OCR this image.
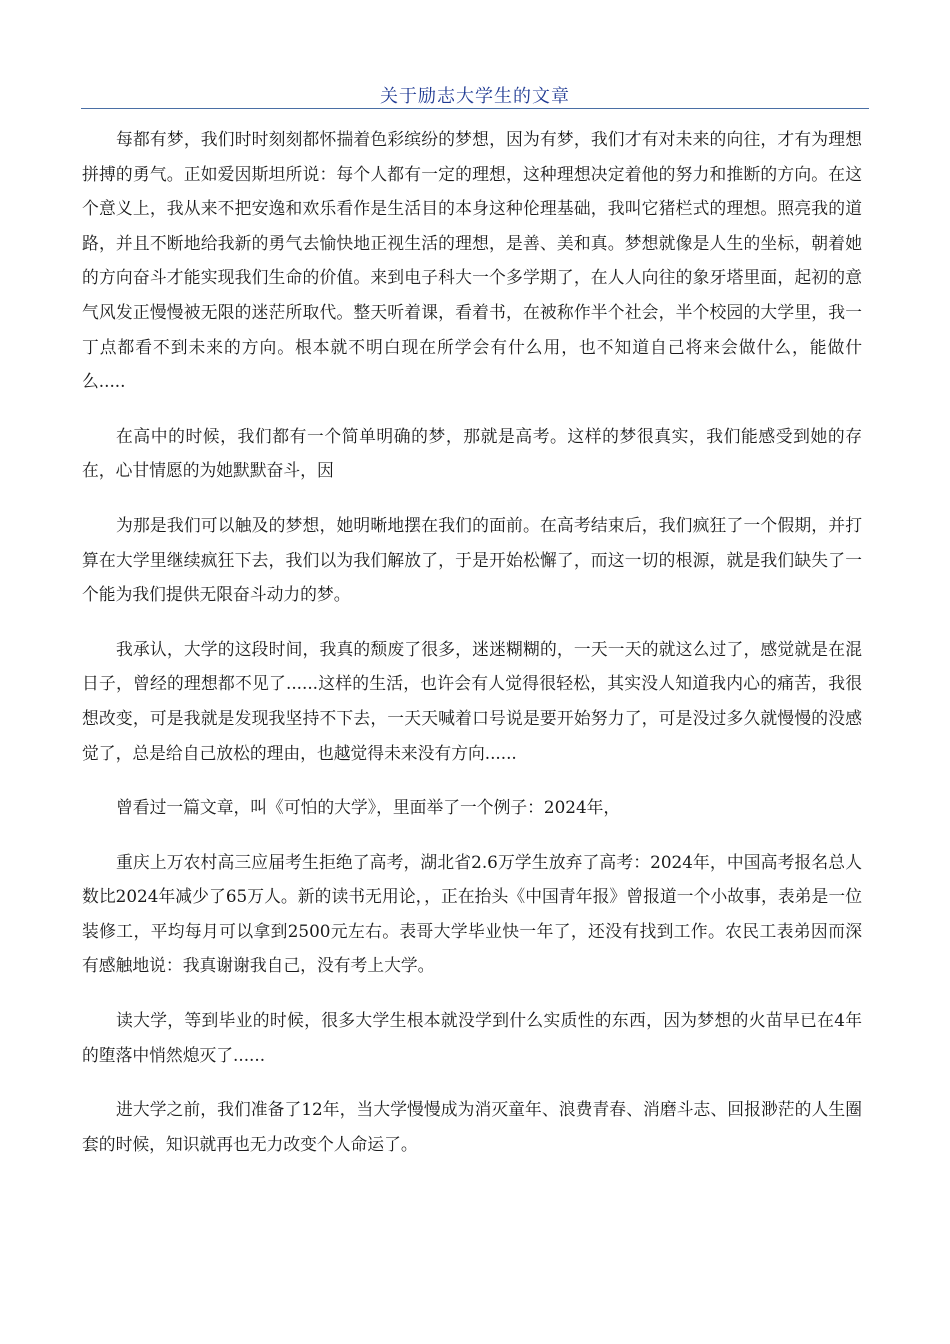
关于励志大学生的文章

每都有梦，我们时时刻刻都怀揣着色彩缤纷的梦想，因为有梦，我们才有对未来的向往，才有为理想拼搏的勇气。正如爱因斯坦所说：每个人都有一定的理想，这种理想决定着他的努力和推断的方向。在这个意义上，我从来不把安逸和欢乐看作是生活目的本身这种伦理基础，我叫它猪栏式的理想。照亮我的道路，并且不断地给我新的勇气去愉快地正视生活的理想，是善、美和真。梦想就像是人生的坐标，朝着她的方向奋斗才能实现我们生命的价值。来到电子科大一个多学期了，在人人向往的象牙塔里面，起初的意气风发正慢慢被无限的迷茫所取代。整天听着课，看着书，在被称作半个社会，半个校园的大学里，我一丁点都看不到未来的方向。根本就不明白现在所学会有什么用，也不知道自己将来会做什么，能做什么.....

在高中的时候，我们都有一个简单明确的梦，那就是高考。这样的梦很真实，我们能感受到她的存在，心甘情愿的为她默默奋斗，因

为那是我们可以触及的梦想，她明晰地摆在我们的面前。在高考结束后，我们疯狂了一个假期，并打算在大学里继续疯狂下去，我们以为我们解放了，于是开始松懈了，而这一切的根源，就是我们缺失了一个能为我们提供无限奋斗动力的梦。

我承认，大学的这段时间，我真的颓废了很多，迷迷糊糊的，一天一天的就这么过了，感觉就是在混日子，曾经的理想都不见了......这样的生活，也许会有人觉得很轻松，其实没人知道我内心的痛苦，我很想改变，可是我就是发现我坚持不下去，一天天喊着口号说是要开始努力了，可是没过多久就慢慢的没感觉了，总是给自己放松的理由，也越觉得未来没有方向......

曾看过一篇文章，叫《可怕的大学》，里面举了一个例子：2024年，

重庆上万农村高三应届考生拒绝了高考，湖北省2.6万学生放弃了高考：2024年，中国高考报名总人数比2024年减少了65万人。新的读书无用论，，正在抬头《中国青年报》曾报道一个小故事，表弟是一位装修工，平均每月可以拿到2500元左右。表哥大学毕业快一年了，还没有找到工作。农民工表弟因而深有感触地说：我真谢谢我自己，没有考上大学。

读大学，等到毕业的时候，很多大学生根本就没学到什么实质性的东西，因为梦想的火苗早已在4年的堕落中悄然熄灭了......

进大学之前，我们准备了12年，当大学慢慢成为消灭童年、浪费青春、消磨斗志、回报渺茫的人生圈套的时候，知识就再也无力改变个人命运了。
